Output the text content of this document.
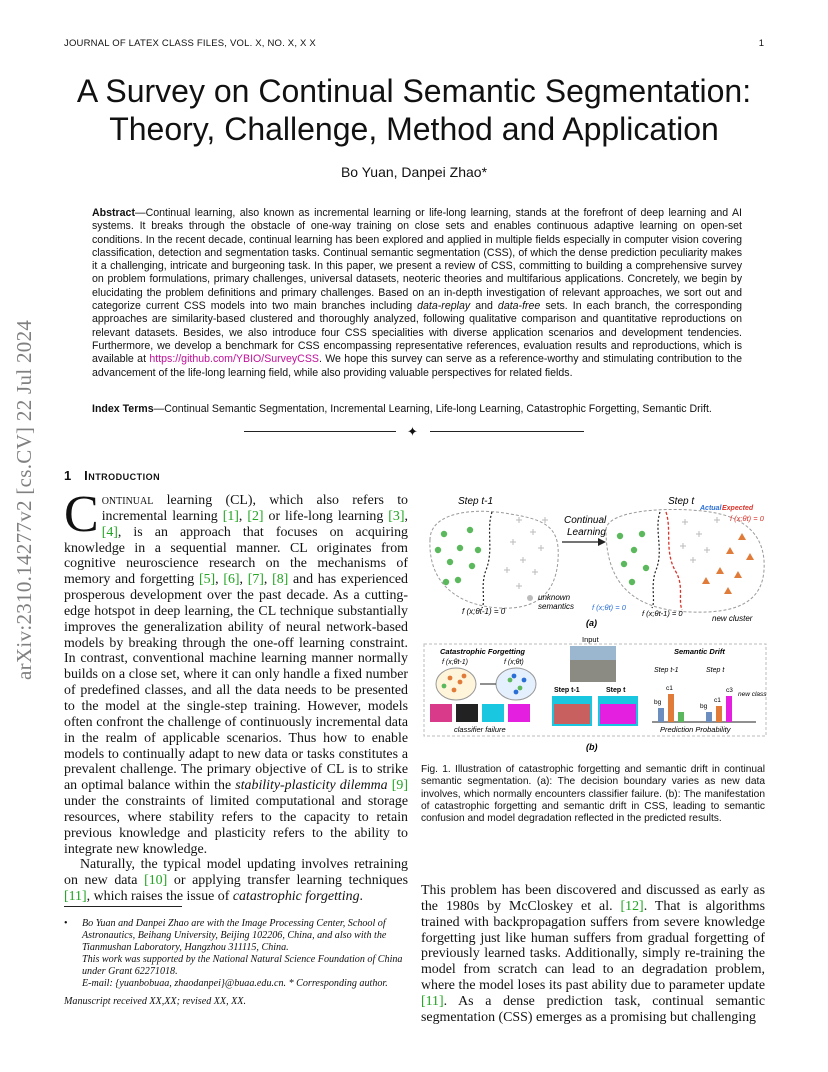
JOURNAL OF LATEX CLASS FILES, VOL. X, NO. X, X X	1
arXiv:2310.14277v2 [cs.CV] 22 Jul 2024
A Survey on Continual Semantic Segmentation:
Theory, Challenge, Method and Application
Bo Yuan, Danpei Zhao*
Abstract—Continual learning, also known as incremental learning or life-long learning, stands at the forefront of deep learning and AI systems. It breaks through the obstacle of one-way training on close sets and enables continuous adaptive learning on open-set conditions. In the recent decade, continual learning has been explored and applied in multiple fields especially in computer vision covering classification, detection and segmentation tasks. Continual semantic segmentation (CSS), of which the dense prediction peculiarity makes it a challenging, intricate and burgeoning task. In this paper, we present a review of CSS, committing to building a comprehensive survey on problem formulations, primary challenges, universal datasets, neoteric theories and multifarious applications. Concretely, we begin by elucidating the problem definitions and primary challenges. Based on an in-depth investigation of relevant approaches, we sort out and categorize current CSS models into two main branches including data-replay and data-free sets. In each branch, the corresponding approaches are similarity-based clustered and thoroughly analyzed, following qualitative comparison and quantitative reproductions on relevant datasets. Besides, we also introduce four CSS specialities with diverse application scenarios and development tendencies. Furthermore, we develop a benchmark for CSS encompassing representative references, evaluation results and reproductions, which is available at https://github.com/YBIO/SurveyCSS. We hope this survey can serve as a reference-worthy and stimulating contribution to the advancement of the life-long learning field, while also providing valuable perspectives for related fields.
Index Terms—Continual Semantic Segmentation, Incremental Learning, Life-long Learning, Catastrophic Forgetting, Semantic Drift.
✦
1 Introduction

Continual learning (CL), which also refers to incremental learning [1], [2] or life-long learning [3], [4], is an approach that focuses on acquiring knowledge in a sequential manner. CL originates from cognitive neuroscience research on the mechanisms of memory and forgetting [5], [6], [7], [8] and has experienced prosperous development over the past decade. As a cutting-edge hotspot in deep learning, the CL technique substantially improves the generalization ability of neural network-based models by breaking through the one-off learning constraint. In contrast, conventional machine learning manner normally builds on a close set, where it can only handle a fixed number of predefined classes, and all the data needs to be presented to the model at the single-step training. However, models often confront the challenge of continuously incremental data in the realm of applicable scenarios. Thus how to enable models to continually adapt to new data or tasks constitutes a prevalent challenge. The primary objective of CL is to strike an optimal balance within the stability-plasticity dilemma [9] under the constraints of limited computational and storage resources, where stability refers to the capacity to retain previous knowledge and plasticity refers to the ability to integrate new knowledge.

Naturally, the typical model updating involves retraining on new data [10] or applying transfer learning techniques [11], which raises the issue of catastrophic forgetting.

• Bo Yuan and Danpei Zhao are with the Image Processing Center, School of Astronautics, Beihang University, Beijing 102206, China, and also with the Tianmushan Laboratory, Hangzhou 311115, China.
This work was supported by the National Natural Science Foundation of China under Grant 62271018.
E-mail: {yuanbobuaa, zhaodanpei}@buaa.edu.cn. * Corresponding author.
Manuscript received XX,XX; revised XX, XX.
Step t-1	Step t
Continual
Learning
unknown
semantics
f (x;θt-1) = 0
Actual Expected
f (x;θt) = 0
f (x;θt) = 0
f (x;θt-1) = 0
new cluster
(a)
Catastrophic Forgetting
f (x;θt-1)	f (x;θt)
classifier failure
Input
Step t-1	Step t
Semantic Drift
Step t-1	Step t
bg
c1
bg
c1
c3
new class
Prediction Probability
(b)
Fig. 1. Illustration of catastrophic forgetting and semantic drift in continual semantic segmentation. (a): The decision boundary varies as new data involves, which normally encounters classifier failure. (b): The manifestation of catastrophic forgetting and semantic drift in CSS, leading to semantic confusion and model degradation reflected in the predicted results.
This problem has been discovered and discussed as early as the 1980s by McCloskey et al. [12]. That is algorithms trained with backpropagation suffers from severe knowledge forgetting just like human suffers from gradual forgetting of previously learned tasks. Additionally, simply re-training the model from scratch can lead to an degradation problem, where the model loses its past ability due to parameter update [11]. As a dense prediction task, continual semantic segmentation (CSS) emerges as a promising but challenging
